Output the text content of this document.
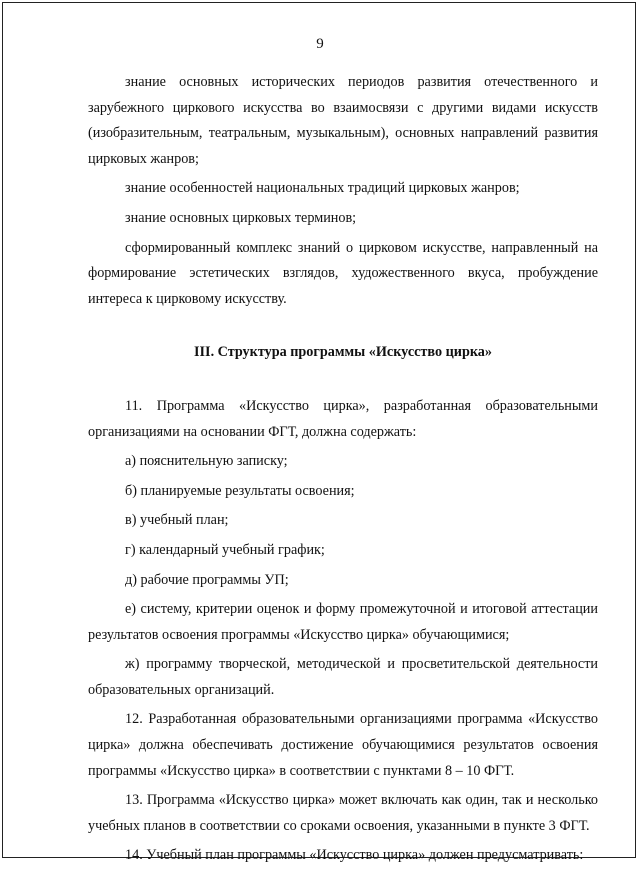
9

знание основных исторических периодов развития отечественного и зарубежного циркового искусства во взаимосвязи с другими видами искусств (изобразительным, театральным, музыкальным), основных направлений развития цирковых жанров;

знание особенностей национальных традиций цирковых жанров;

знание основных цирковых терминов;

сформированный комплекс знаний о цирковом искусстве, направленный на формирование эстетических взглядов, художественного вкуса, пробуждение интереса к цирковому искусству.

III. Структура программы «Искусство цирка»

11. Программа «Искусство цирка», разработанная образовательными организациями на основании ФГТ, должна содержать:

а) пояснительную записку;

б) планируемые результаты освоения;

в) учебный план;

г) календарный учебный график;

д) рабочие программы УП;

е) систему, критерии оценок и форму промежуточной и итоговой аттестации результатов освоения программы «Искусство цирка» обучающимися;

ж) программу творческой, методической и просветительской деятельности образовательных организаций.

12. Разработанная образовательными организациями программа «Искусство цирка» должна обеспечивать достижение обучающимися результатов освоения программы «Искусство цирка» в соответствии с пунктами 8 – 10 ФГТ.

13. Программа «Искусство цирка» может включать как один, так и несколько учебных планов в соответствии со сроками освоения, указанными в пункте 3 ФГТ.

14. Учебный план программы «Искусство цирка» должен предусматривать:
